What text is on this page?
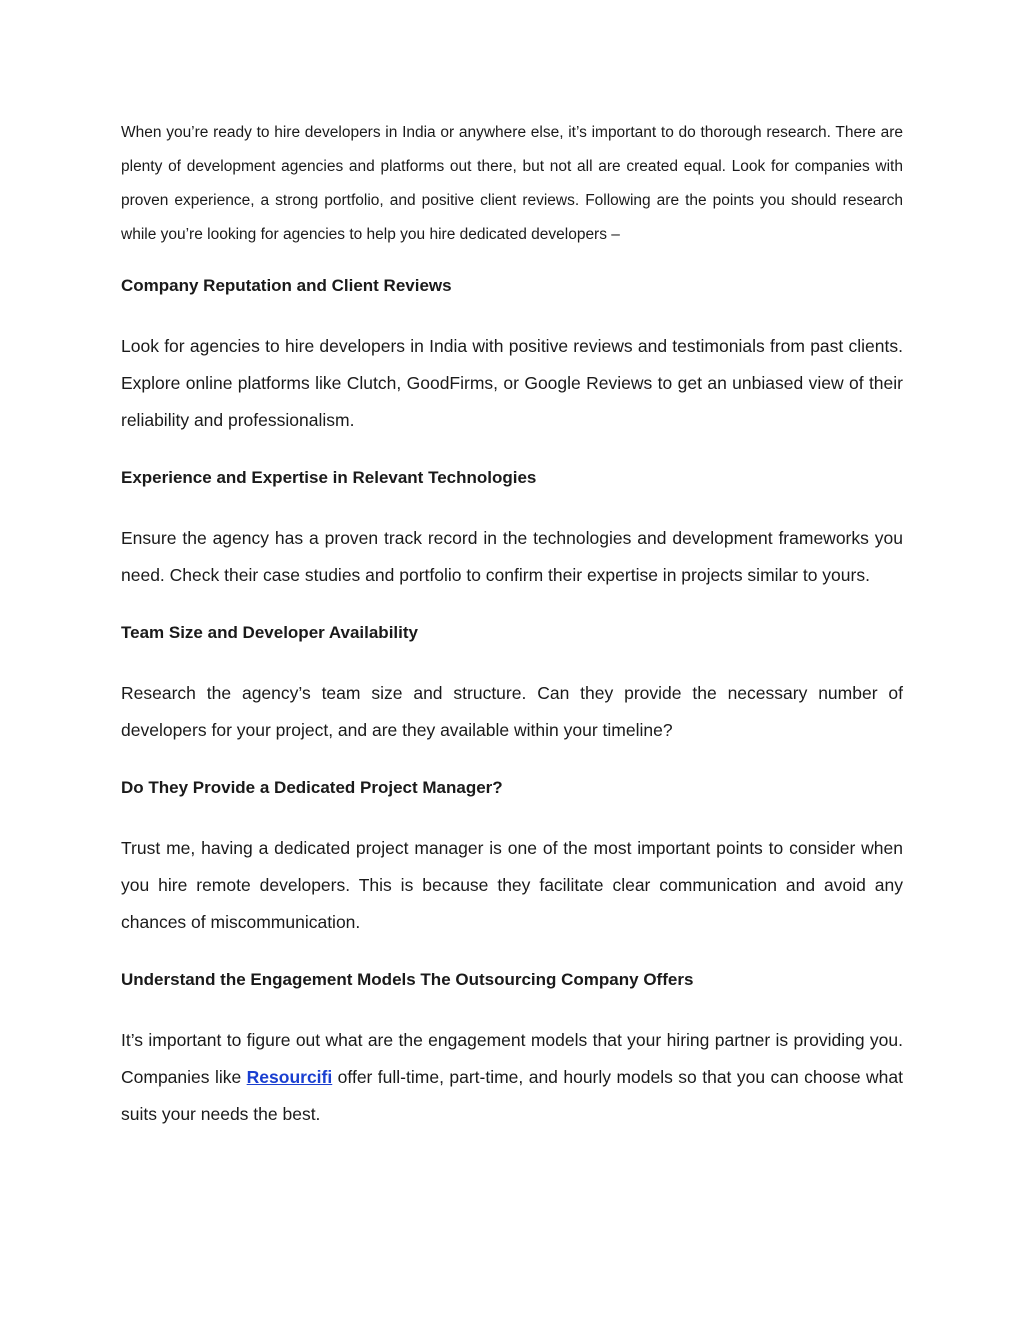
When you’re ready to hire developers in India or anywhere else, it’s important to do thorough research. There are plenty of development agencies and platforms out there, but not all are created equal. Look for companies with proven experience, a strong portfolio, and positive client reviews. Following are the points you should research while you’re looking for agencies to help you hire dedicated developers –

Company Reputation and Client Reviews

Look for agencies to hire developers in India with positive reviews and testimonials from past clients. Explore online platforms like Clutch, GoodFirms, or Google Reviews to get an unbiased view of their reliability and professionalism.

Experience and Expertise in Relevant Technologies

Ensure the agency has a proven track record in the technologies and development frameworks you need. Check their case studies and portfolio to confirm their expertise in projects similar to yours.

Team Size and Developer Availability

Research the agency’s team size and structure. Can they provide the necessary number of developers for your project, and are they available within your timeline?

Do They Provide a Dedicated Project Manager?

Trust me, having a dedicated project manager is one of the most important points to consider when you hire remote developers. This is because they facilitate clear communication and avoid any chances of miscommunication.

Understand the Engagement Models The Outsourcing Company Offers

It’s important to figure out what are the engagement models that your hiring partner is providing you. Companies like Resourcifi offer full-time, part-time, and hourly models so that you can choose what suits your needs the best.
